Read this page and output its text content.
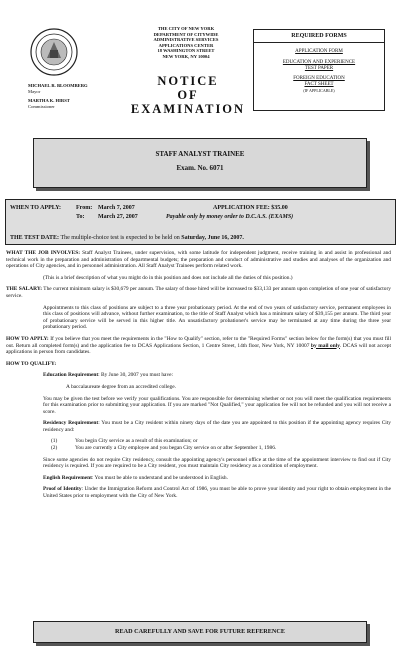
MICHAEL R. BLOOMBERG
Mayor
MARTHA K. HIRST
Commissioner
THE CITY OF NEW YORK
DEPARTMENT OF CITYWIDE
ADMINISTRATIVE SERVICES
APPLICATIONS CENTER
18 WASHINGTON STREET
NEW YORK, NY 10004
NOTICE
OF
EXAMINATION
REQUIRED FORMS
APPLICATION FORM
EDUCATION AND EXPERIENCE TEST PAPER
FOREIGN EDUCATION FACT SHEET
(IF APPLICABLE)
STAFF ANALYST TRAINEE
Exam. No. 6071
WHEN TO APPLY: From: March 7, 2007
To: March 27, 2007
APPLICATION FEE: $35.00
Payable only by money order to D.C.A.S. (EXAMS)
THE TEST DATE: The multiple-choice test is expected to be held on Saturday, June 16, 2007.

WHAT THE JOB INVOLVES: Staff Analyst Trainees, under supervision, with some latitude for independent judgment, receive training in and assist in professional and technical work in the preparation and administration of departmental budgets; the preparation and conduct of administrative and studies and analyses of the organization and operations of City agencies, and in personnel administration. All Staff Analyst Trainees perform related work.

(This is a brief description of what you might do in this position and does not include all the duties of this position.)

THE SALARY: The current minimum salary is $30,679 per annum. The salary of those hired will be increased to $33,133 per annum upon completion of one year of satisfactory service.

Appointments to this class of positions are subject to a three year probationary period. At the end of two years of satisfactory service, permanent employees in this class of positions will advance, without further examination, to the title of Staff Analyst which has a minimum salary of $39,155 per annum. The third year of probationary service will be served in this higher title. An unsatisfactory probationer's service may be terminated at any time during the three year probationary period.

HOW TO APPLY: If you believe that you meet the requirements in the "How to Qualify" section, refer to the "Required Forms" section below for the form(s) that you must fill out. Return all completed form(s) and the application fee to DCAS Applications Section, 1 Centre Street, 14th floor, New York, NY 10007 by mail only. DCAS will not accept applications in person from candidates.

HOW TO QUALIFY:

Education Requirement: By June 30, 2007 you must have:

A baccalaureate degree from an accredited college.

You may be given the test before we verify your qualifications. You are responsible for determining whether or not you will meet the qualification requirements for this examination prior to submitting your application. If you are marked "Not Qualified," your application fee will not be refunded and you will not receive a score.

Residency Requirement: You must be a City resident within ninety days of the date you are appointed to this position if the appointing agency requires City residency and:

(1)	You begin City service as a result of this examination; or
(2)	You are currently a City employee and you began City service on or after September 1, 1986.

Since some agencies do not require City residency, consult the appointing agency's personnel office at the time of the appointment interview to find out if City residency is required. If you are required to be a City resident, you must maintain City residency as a condition of employment.

English Requirement: You must be able to understand and be understood in English.

Proof of Identity: Under the Immigration Reform and Control Act of 1986, you must be able to prove your identity and your right to obtain employment in the United States prior to employment with the City of New York.

READ CAREFULLY AND SAVE FOR FUTURE REFERENCE
